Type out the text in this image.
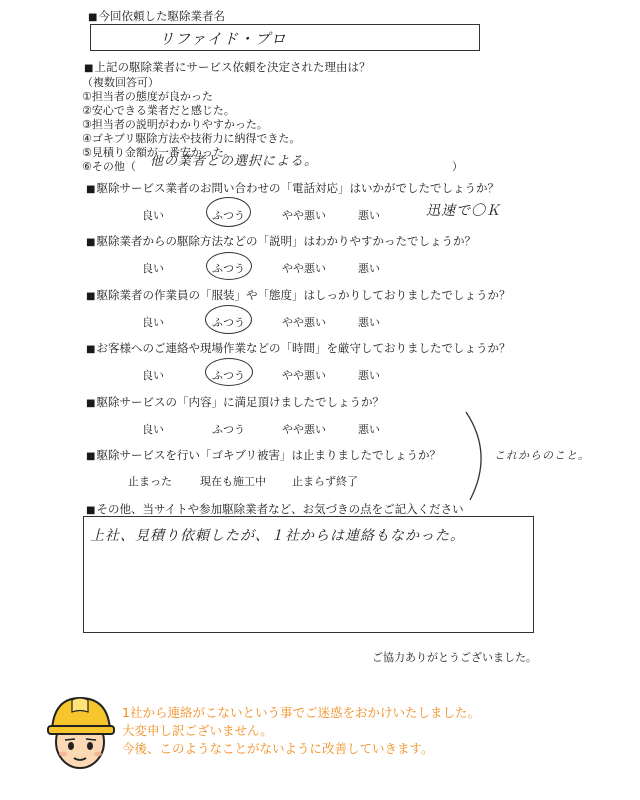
■ 今回依頼した駆除業者名
リファイド・プロ
■ 上記の駆除業者にサービス依頼を決定された理由は？
（複数回答可）
①担当者の態度が良かった
②安心できる業者だと感じた。
③担当者の説明がわかりやすかった。
④ゴキブリ駆除方法や技術力に納得できた。
⑤見積り金額が一番安かった。
⑥その他（	他の業者との選択による。	）
■ 駆除サービス業者のお問い合わせの「電話対応」はいかがでしたでしょうか？
良い	ふつう	やや悪い	悪い	迅速で〇Ｋ
■ 駆除業者からの駆除方法などの「説明」はわかりやすかったでしょうか？
良い	ふつう	やや悪い	悪い
■ 駆除業者の作業員の「服装」や「態度」はしっかりしておりましたでしょうか？
良い	ふつう	やや悪い	悪い
■ お客様へのご連絡や現場作業などの「時間」を厳守しておりましたでしょうか？
良い	ふつう	やや悪い	悪い
■ 駆除サービスの「内容」に満足頂けましたでしょうか？
良い	ふつう	やや悪い	悪い
■ 駆除サービスを行い「ゴキブリ被害」は止まりましたでしょうか？
止まった	現在も施工中 止まらず終了
これからのこと。
■ その他、当サイトや参加駆除業者など、お気づきの点をご記入ください
上社、見積り依頼したが、１社からは連絡もなかった。
ご協力ありがとうございました。
1社から連絡がこないという事でご迷惑をおかけいたしました。
大変申し訳ございません。
今後、このようなことがないように改善していきます。
